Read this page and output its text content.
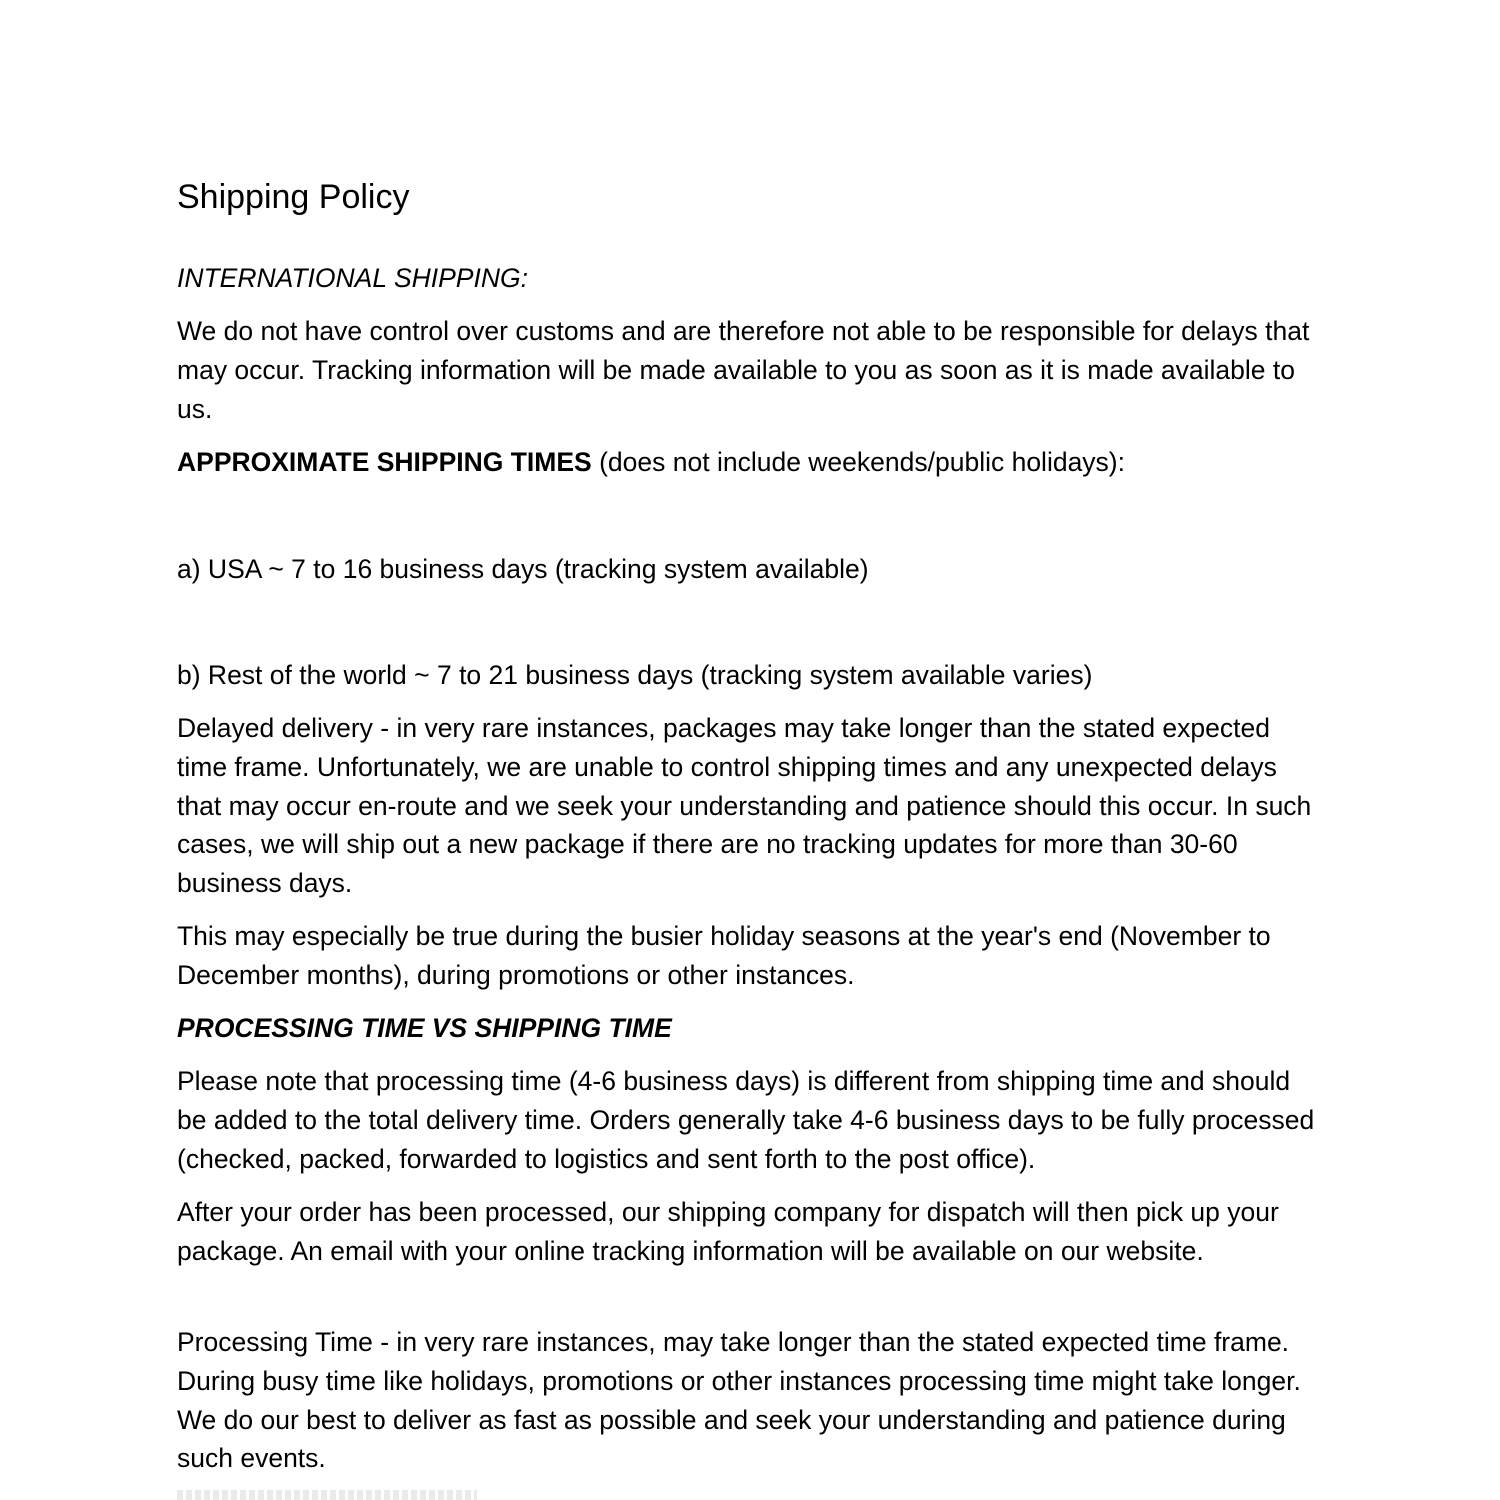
Shipping Policy
INTERNATIONAL SHIPPING:
We do not have control over customs and are therefore not able to be responsible for delays that may occur. Tracking information will be made available to you as soon as it is made available to us.
APPROXIMATE SHIPPING TIMES (does not include weekends/public holidays):
a) USA ~ 7 to 16 business days (tracking system available)
b) Rest of the world ~ 7 to 21 business days (tracking system available varies)
Delayed delivery - in very rare instances, packages may take longer than the stated expected time frame. Unfortunately, we are unable to control shipping times and any unexpected delays that may occur en-route and we seek your understanding and patience should this occur. In such cases, we will ship out a new package if there are no tracking updates for more than 30-60 business days.
This may especially be true during the busier holiday seasons at the year's end (November to December months), during promotions or other instances.
PROCESSING TIME VS SHIPPING TIME
Please note that processing time (4-6 business days) is different from shipping time and should be added to the total delivery time. Orders generally take 4-6 business days to be fully processed (checked, packed, forwarded to logistics and sent forth to the post office).
After your order has been processed, our shipping company for dispatch will then pick up your package. An email with your online tracking information will be available on our website.
Processing Time - in very rare instances, may take longer than the stated expected time frame. During busy time like holidays, promotions or other instances processing time might take longer. We do our best to deliver as fast as possible and seek your understanding and patience during such events.
